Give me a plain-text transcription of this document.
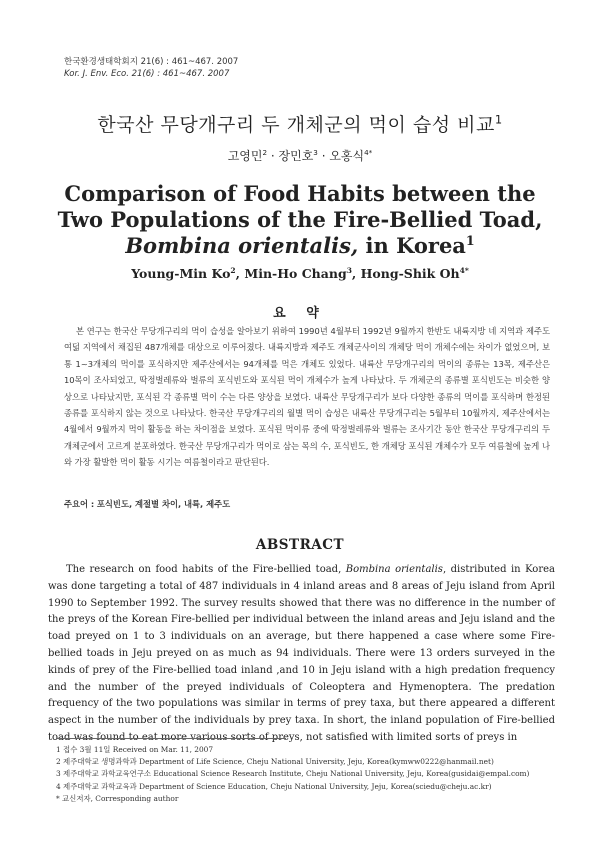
한국환경생태학회지 21(6) : 461~467. 2007
Kor. J. Env. Eco. 21(6) : 461~467. 2007
한국산 무당개구리 두 개체군의 먹이 습성 비교$^1$
고영민$^2$ · 장민호$^3$ · 오홍식$^{4*}$
Comparison of Food Habits between the Two Populations of the Fire-Bellied Toad, Bombina orientalis, in Korea$^1$
Young-Min Ko$^2$, Min-Ho Chang$^3$, Hong-Shik $Oh^{4*}$
요 약
본 연구는 한국산 무당개구리의 먹이 습성을 알아보기 위하여 1990년 4월부터 1992년 9월까지 한반도 내륙지방 네 지역과 제주도 여덟 지역에서 채집된 487개체를 대상으로 이루어졌다. 내륙지방과 제주도 개체군사이의 개체당 먹이 개체수에는 차이가 없었으며, 보통 1~3개체의 먹이를 포식하지만 제주산에서는 94개체를 먹은 개체도 있었다. 내륙산 무당개구리의 먹이의 종류는 13목, 제주산은 10목이 조사되었고, 딱정벌레류와 벌류의 포식빈도와 포식된 먹이 개체수가 높게 나타났다. 두 개체군의 종류별 포식빈도는 비슷한 양상으로 나타났지만, 포식된 각 종류별 먹이 수는 다른 양상을 보였다. 내륙산 무당개구리가 보다 다양한 종류의 먹이를 포식하며 한정된 종류를 포식하지 않는 것으로 나타났다. 한국산 무당개구리의 월별 먹이 습성은 내륙산 무당개구리는 5월부터 10월까지, 제주산에서는 4월에서 9월까지 먹이 활동을 하는 차이점을 보였다. 포식된 먹이류 중에 딱정벌레류와 벌류는 조사기간 동안 한국산 무당개구리의 두 개체군에서 고르게 분포하였다. 한국산 무당개구리가 먹이로 삼는 목의 수, 포식빈도, 한 개체당 포식된 개체수가 모두 여름철에 높게 나와 가장 활발한 먹이 활동 시기는 여름철이라고 판단된다.
주요어 : 포식빈도, 계절별 차이, 내륙, 제주도
ABSTRACT
The research on food habits of the Fire-bellied toad, Bombina orientalis, distributed in Korea was done targeting a total of 487 individuals in 4 inland areas and 8 areas of Jeju island from April 1990 to September 1992. The survey results showed that there was no difference in the number of the preys of the Korean Fire-bellied per individual between the inland areas and Jeju island and the toad preyed on 1 to 3 individuals on an average, but there happened a case where some Fire-bellied toads in Jeju preyed on as much as 94 individuals. There were 13 orders surveyed in the kinds of prey of the Fire-bellied toad inland ,and 10 in Jeju island with a high predation frequency and the number of the preyed individuals of Coleoptera and Hymenoptera. The predation frequency of the two populations was similar in terms of prey taxa, but there appeared a different aspect in the number of the individuals by prey taxa. In short, the inland population of Fire-bellied toad was found to eat more various sorts of preys, not satisfied with limited sorts of preys in
1 접수 3월 11일 Received on Mar. 11, 2007
2 제주대학교 생명과학과 Department of Life Science, Cheju National University, Jeju, Korea(kymww0222@hanmail.net)
3 제주대학교 과학교육연구소 Educational Science Research Institute, Cheju National University, Jeju, Korea(gusidai@empal.com)
4 제주대학교 과학교육과 Department of Science Education, Cheju National University, Jeju, Korea(sciedu@cheju.ac.kr)
* 교신저자, Corresponding author
